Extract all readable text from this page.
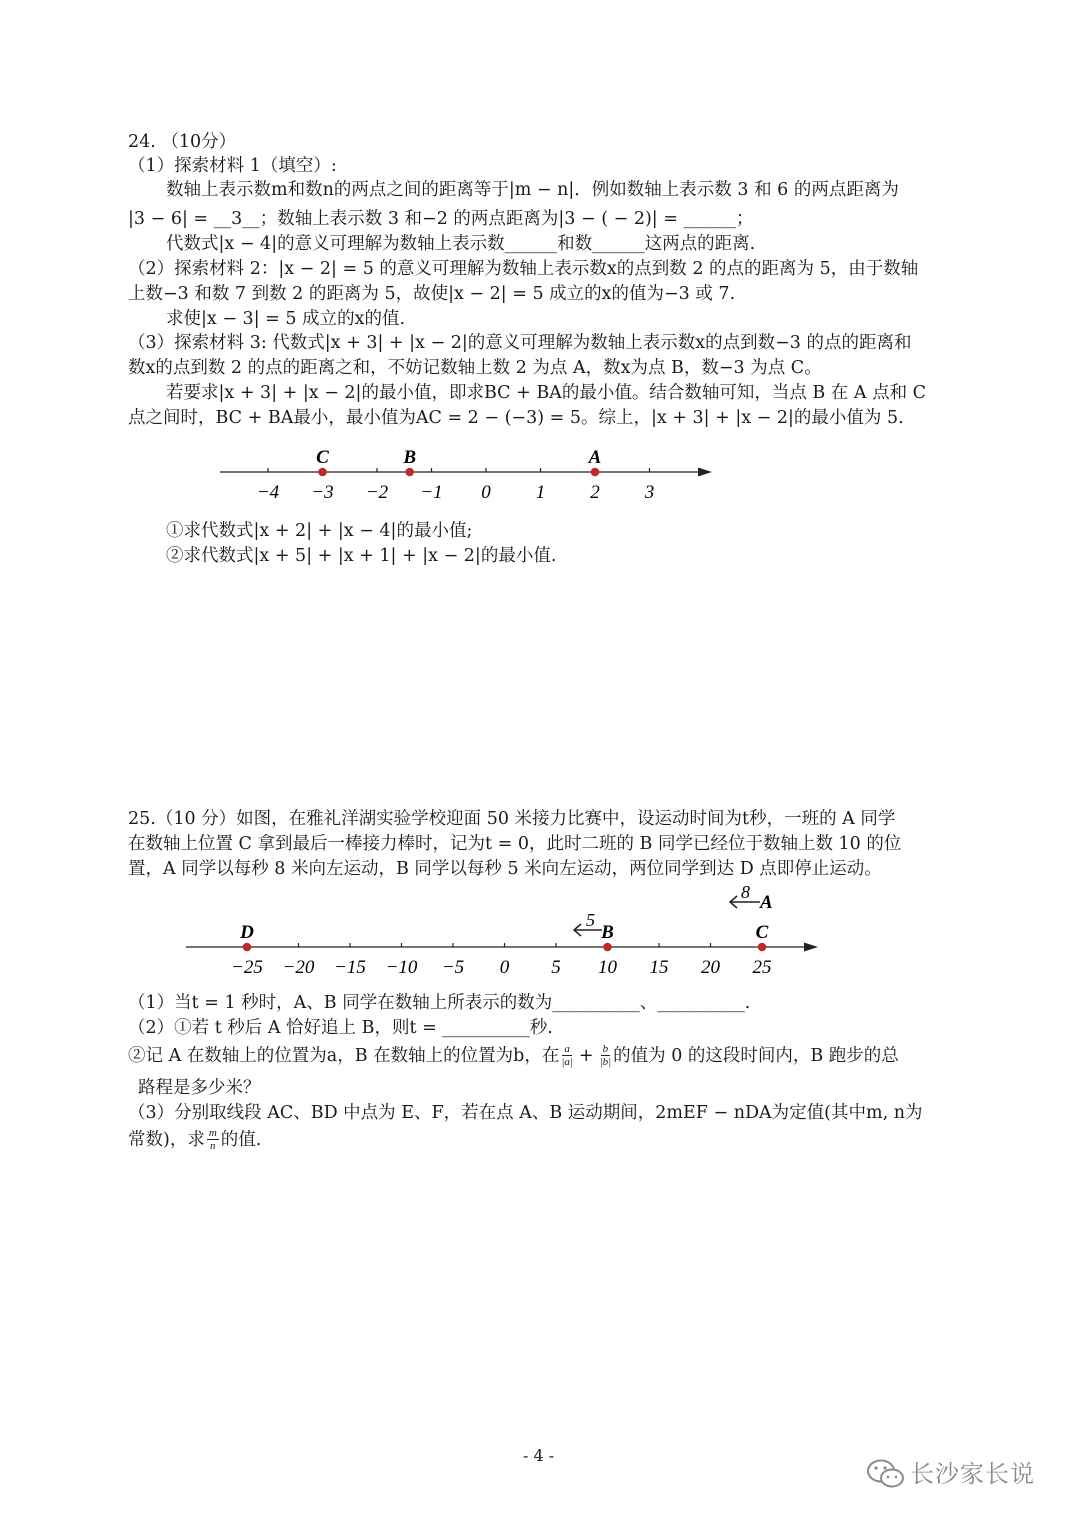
24. （10分）
（1）探索材料 1（填空）:
数轴上表示数m和数n的两点之间的距离等于|m − n|．例如数轴上表示数 3 和 6 的两点距离为
|3 − 6| = __3__；数轴上表示数 3 和−2 的两点距离为|3 − ( − 2)| = ______；
代数式|x − 4|的意义可理解为数轴上表示数______和数______这两点的距离.
（2）探索材料 2：|x − 2| = 5 的意义可理解为数轴上表示数x的点到数 2 的点的距离为 5，由于数轴
上数−3 和数 7 到数 2 的距离为 5，故使|x − 2| = 5 成立的x的值为−3 或 7.
求使|x − 3| = 5 成立的x的值.
（3）探索材料 3: 代数式|x + 3| + |x − 2|的意义可理解为数轴上表示数x的点到数−3 的点的距离和
数x的点到数 2 的点的距离之和，不妨记数轴上数 2 为点 A，数x为点 B，数−3 为点 C。
若要求|x + 3| + |x − 2|的最小值，即求BC + BA的最小值。结合数轴可知，当点 B 在 A 点和 C
点之间时，BC + BA最小，最小值为AC = 2 − (−3) = 5。综上，|x + 3| + |x − 2|的最小值为 5.
−4 −3 −2 −1 0 1 2 3
C	B	A
①求代数式|x + 2| + |x − 4|的最小值;
②求代数式|x + 5| + |x + 1| + |x − 2|的最小值.
25.（10 分）如图，在雅礼洋湖实验学校迎面 50 米接力比赛中，设运动时间为t秒，一班的 A 同学
在数轴上位置 C 拿到最后一棒接力棒时，记为t = 0，此时二班的 B 同学已经位于数轴上数 10 的位
置，A 同学以每秒 8 米向左运动，B 同学以每秒 5 米向左运动，两位同学到达 D 点即停止运动。
8 A
5
−25 −20 −15 −10 −5 0 5 10 15 20 25
D	B	C
（1）当t = 1 秒时，A、B 同学在数轴上所表示的数为__________、__________.
（2）①若 t 秒后 A 恰好追上 B，则t = __________秒.
②记 A 在数轴上的位置为a，B 在数轴上的位置为b，在 $\frac{a}{|a|} + \frac{b}{|b|}$ 的值为 0 的这段时间内，B 跑步的总
路程是多少米？
（3）分别取线段 AC、BD 中点为 E、F，若在点 A、B 运动期间，2mEF − nDA为定值(其中m, n为
常数)，求 $\frac{m}{n}$ 的值.
- 4 -
长沙家长说
